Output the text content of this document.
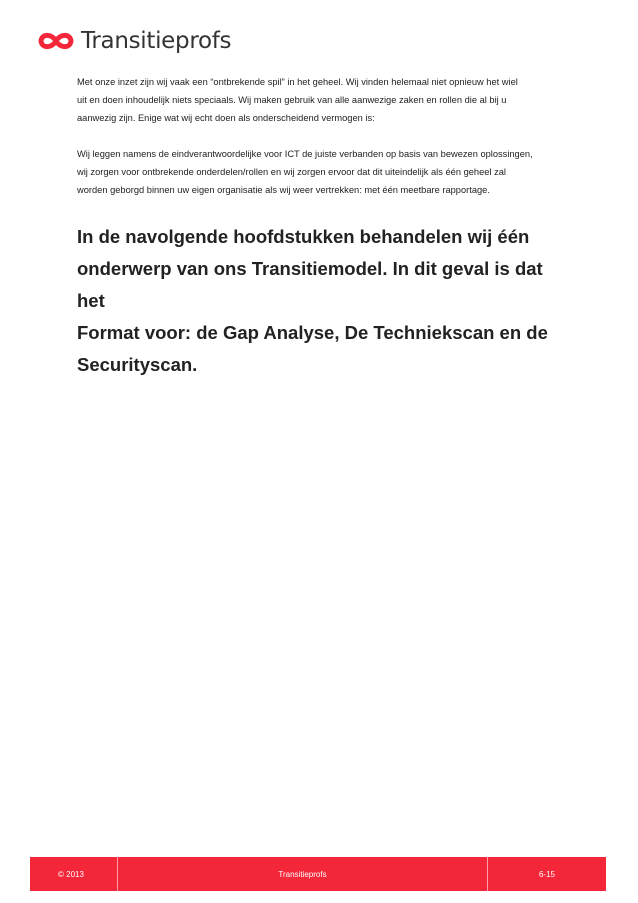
Transitieprofs

Met onze inzet zijn wij vaak een “ontbrekende spil” in het geheel. Wij vinden helemaal niet opnieuw het wiel
uit en doen inhoudelijk niets speciaals. Wij maken gebruik van alle aanwezige zaken en rollen die al bij u
aanwezig zijn. Enige wat wij echt doen als onderscheidend vermogen is:

Wij leggen namens de eindverantwoordelijke voor ICT de juiste verbanden op basis van bewezen oplossingen,
wij zorgen voor ontbrekende onderdelen/rollen en wij zorgen ervoor dat dit uiteindelijk als één geheel zal
worden geborgd binnen uw eigen organisatie als wij weer vertrekken: met één meetbare rapportage.

In de navolgende hoofdstukken behandelen wij één
onderwerp van ons Transitiemodel. In dit geval is dat het
Format voor: de Gap Analyse, De Techniekscan en de
Securityscan.
© 2013	Transitieprofs	6-15
